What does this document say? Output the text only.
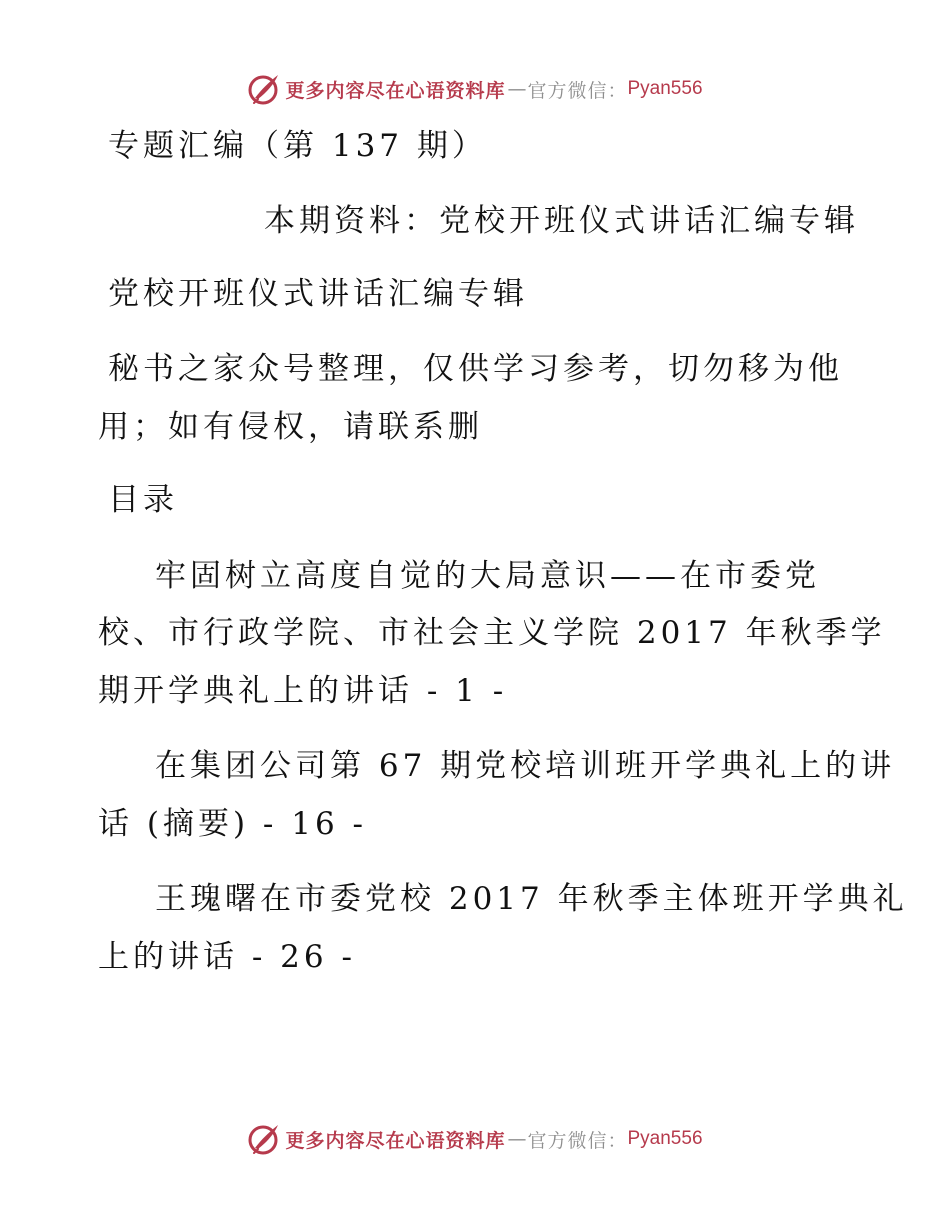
更多内容尽在心语资料库 — 官方微信： Pyan556

专题汇编（第 137 期）

本期资料：党校开班仪式讲话汇编专辑

党校开班仪式讲话汇编专辑

秘书之家众号整理，仅供学习参考，切勿移为他

用；如有侵权，请联系删

目录

牢固树立高度自觉的大局意识——在市委党

校、市行政学院、市社会主义学院 2017 年秋季学

期开学典礼上的讲话 - 1 -

在集团公司第 67 期党校培训班开学典礼上的讲

话 (摘要) - 16 -

王瑰曙在市委党校 2017 年秋季主体班开学典礼

上的讲话 - 26 -

更多内容尽在心语资料库 — 官方微信： Pyan556
